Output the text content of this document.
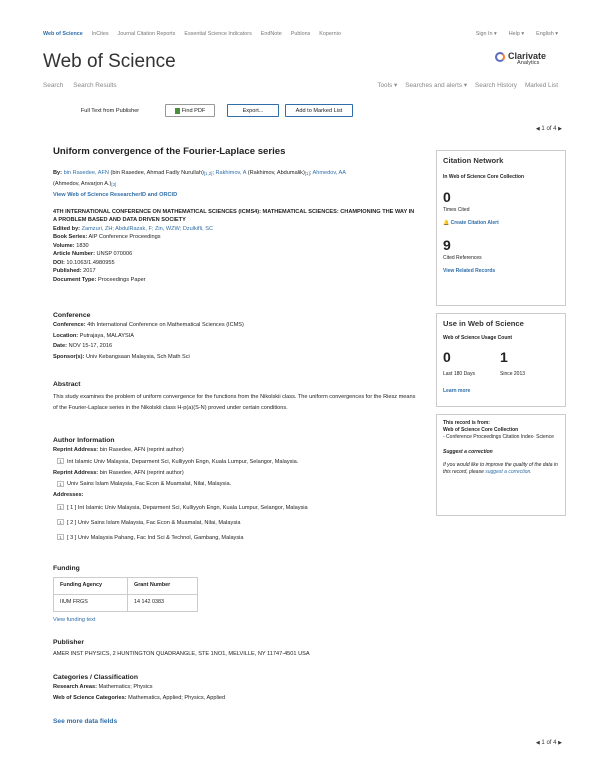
Web of Science InCites Journal Citation Reports Essential Science Indicators EndNote Publons Kopernio	Sign In ▾	Help ▾	English ▾
Web of Science	Clarivate
Analytics
Search Search Results	Tools ▾ Searches and alerts ▾ Search History Marked List
Full Text from Publisher	Find PDF	Export...	Add to Marked List
◀ 1 of 4 ▶
Uniform convergence of the Fourier-Laplace series
By: bin Rasedee, AFN (bin Rasedee, Ahmad Fadly Nurullah)[1,2]; Rakhimov, A (Rakhimov, Abdumalik)[1]; Ahmedov, AA
(Ahmedov, Anvarjon A.)[3]
View Web of Science ResearcherID and ORCID
4TH INTERNATIONAL CONFERENCE ON MATHEMATICAL SCIENCES (ICMS4): MATHEMATICAL SCIENCES: CHAMPIONING THE WAY IN A PROBLEM BASED AND DATA DRIVEN SOCIETY
Edited by: Zamzuri, ZH; AbdulRazak, F; Zin, WZW; Dzulkifli, SC
Book Series: AIP Conference Proceedings
Volume: 1830
Article Number: UNSP 070006
DOI: 10.1063/1.4980955
Published: 2017
Document Type: Proceedings Paper
Conference
Conference: 4th International Conference on Mathematical Sciences (ICMS)
Location: Putrajaya, MALAYSIA
Date: NOV 15-17, 2016
Sponsor(s): Univ Kebangsaan Malaysia, Sch Math Sci
Abstract
This study examines the problem of uniform convergence for the functions from the Nikolskii class. The uniform convergences for the Riesz means of the Fourier-Laplace series in the Nikolskii class H-p(a)(S-N) proved under certain conditions.
Author Information
Reprint Address: bin Rasedee, AFN (reprint author)
1 Int Islamic Univ Malaysia, Deparment Sci, Kulliyyoh Engn, Kuala Lumpur, Selangor, Malaysia.
Reprint Address: bin Rasedee, AFN (reprint author)
1 Univ Sains Islam Malaysia, Fac Econ & Muamalat, Nilai, Malaysia.
Addresses:
1 [ 1 ] Int Islamic Univ Malaysia, Deparment Sci, Kulliyyoh Engn, Kuala Lumpur, Selangor, Malaysia
1 [ 2 ] Univ Sains Islam Malaysia, Fac Econ & Muamalat, Nilai, Malaysia
1 [ 3 ] Univ Malaysia Pahang, Fac Ind Sci & Technol, Gambang, Malaysia
Funding
Funding Agency	Grant Number
IIUM FRGS	14 142 0383
View funding text
Publisher
AMER INST PHYSICS, 2 HUNTINGTON QUADRANGLE, STE 1NO1, MELVILLE, NY 11747-4501 USA
Categories / Classification
Research Areas: Mathematics; Physics
Web of Science Categories: Mathematics, Applied; Physics, Applied
See more data fields
◀ 1 of 4 ▶
Citation Network
In Web of Science Core Collection
0
Times Cited
🔔 Create Citation Alert
9
Cited References
View Related Records
Use in Web of Science
Web of Science Usage Count
0	1
Last 180 Days	Since 2013
Learn more
This record is from:
Web of Science Core Collection
- Conference Proceedings Citation Index- Science
Suggest a correction
If you would like to improve the quality of the data in this record, please suggest a correction.
